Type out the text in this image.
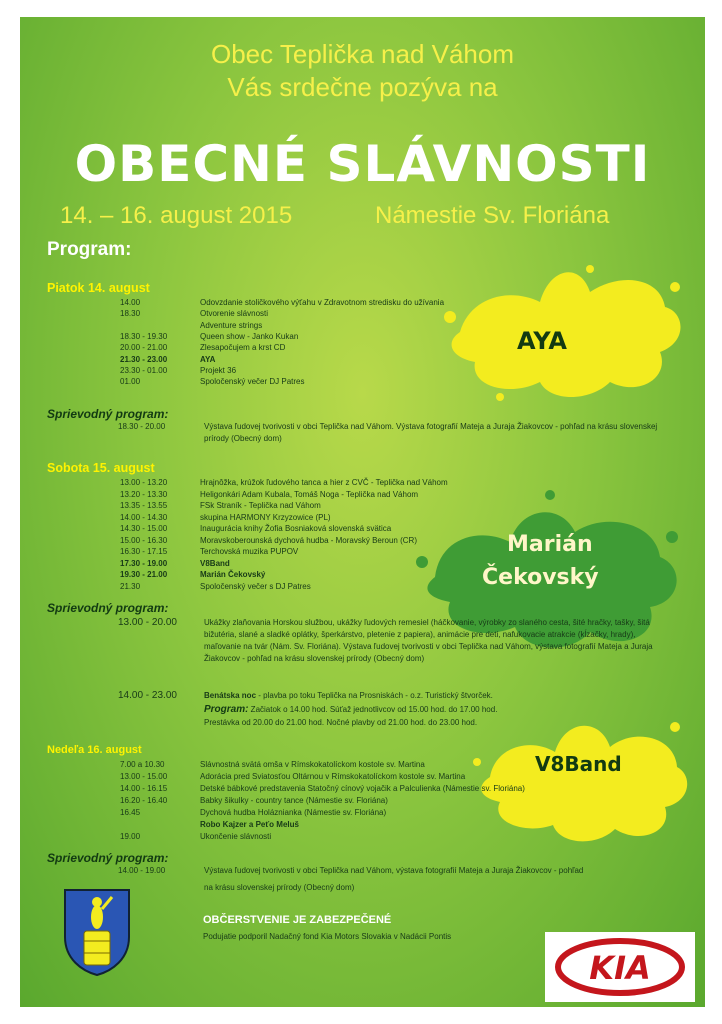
Obec Teplička nad Váhom
Vás srdečne pozýva na
OBECNÉ SLÁVNOSTI
14. – 16. august 2015	Námestie Sv. Floriána
Program:
Piatok 14. august
14.00	Odovzdanie stoličkového výťahu v Zdravotnom stredisku do užívania
18.30	Otvorenie slávnosti
Adventure strings
18.30 - 19.30	Queen show - Janko Kukan
20.00 - 21.00	Zlesapočujem a krst CD
21.30 - 23.00	AYA
23.30 - 01.00	Projekt 36
01.00	Spoločenský večer DJ Patres
Sprievodný program:
18.30 - 20.00	Výstava ľudovej tvorivosti v obci Teplička nad Váhom. Výstava fotografií Mateja a Juraja Žiakovcov - pohľad na krásu slovenskej prírody (Obecný dom)
Sobota 15. august
13.00 - 13.20	Hrajnôžka, krúžok ľudového tanca a hier z CVČ - Teplička nad Váhom
13.20 - 13.30	Heligonkári Adam Kubala, Tomáš Noga - Teplička nad Váhom
13.35 - 13.55	FSk Straník - Teplička nad Váhom
14.00 - 14.30	skupina HARMONY Krzyzowice (PL)
14.30 - 15.00	Inaugurácia knihy Žofia Bosniaková slovenská svätica
15.00 - 16.30	Moravskoberounská dychová hudba - Moravský Beroun (CR)
16.30 - 17.15	Terchovská muzika PUPOV
17.30 - 19.00	V8Band
19.30 - 21.00	Marián Čekovský
21.30	Spoločenský večer s DJ Patres
Sprievodný program:
13.00 - 20.00	Ukážky zlaňovania Horskou službou, ukážky ľudových remesiel (háčkovanie, výrobky zo slaného cesta, šité hračky, tašky, šitá bižutéria, slané a sladké oplátky, šperkárstvo, pletenie z papiera), animácie pre deti, nafukovacie atrakcie (kĺzačky, hrady), maľovanie na tvár (Nám. Sv. Floriána). Výstava ľudovej tvorivosti v obci Teplička nad Váhom, výstava fotografií Mateja a Juraja Žiakovcov - pohľad na krásu slovenskej prírody (Obecný dom)
14.00 - 23.00	Benátska noc - plavba po toku Teplička na Prosniskách - o.z. Turistický štvorček.
Program: Začiatok o 14.00 hod. Súťaž jednotlivcov od 15.00 hod. do 17.00 hod.
Prestávka od 20.00 do 21.00 hod. Nočné plavby od 21.00 hod. do 23.00 hod.
Nedeľa 16. august
7.00 a 10.30	Slávnostná svätá omša v Rímskokatolíckom kostole sv. Martina
13.00 - 15.00	Adorácia pred Sviatosťou Oltárnou v Rímskokatolíckom kostole sv. Martina
14.00 - 16.15	Detské bábkové predstavenia Statočný cínový vojačik a Palculienka (Námestie sv. Floriána)
16.20 - 16.40	Babky šikulky - country tance (Námestie sv. Floriána)
16.45	Dychová hudba Holáznianka (Námestie sv. Floriána)
Robo Kajzer a Peťo Meluš
19.00	Ukončenie slávnosti
Sprievodný program:
14.00 - 19.00	Výstava ľudovej tvorivosti v obci Teplička nad Váhom, výstava fotografií Mateja a Juraja Žiakovcov - pohľad
na krásu slovenskej prírody (Obecný dom)
AYA
Marián
Čekovský
V8Band
OBČERSTVENIE JE ZABEZPEČENÉ
Podujatie podporil Nadačný fond Kia Motors Slovakia v Nadácii Pontis
KIA
